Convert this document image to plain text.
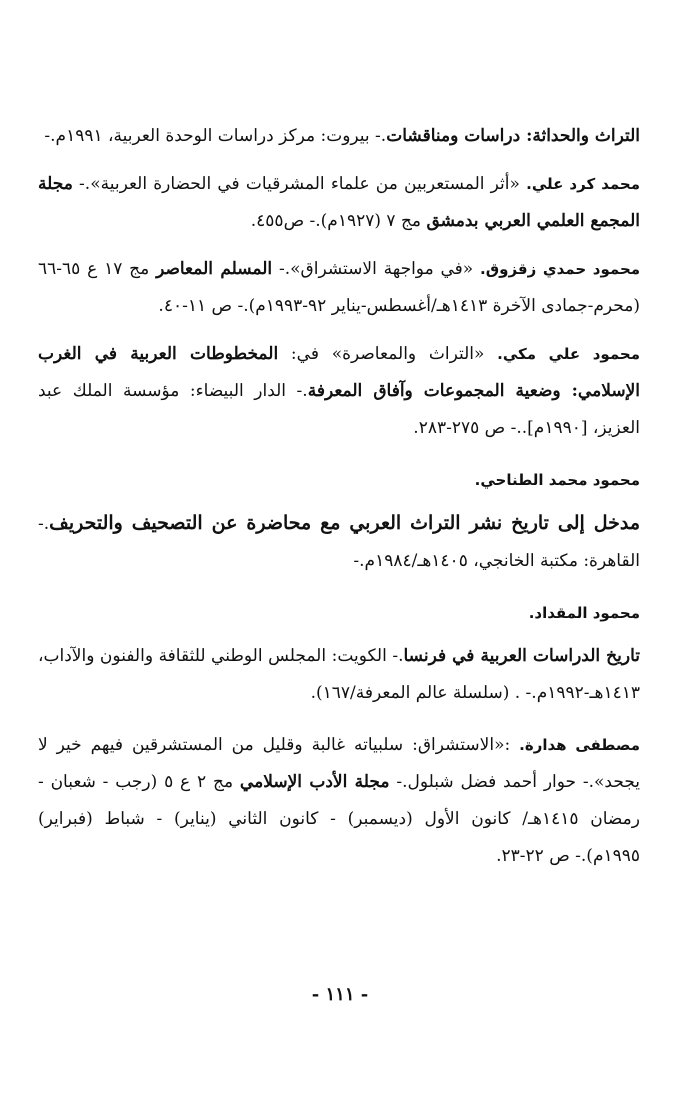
التراث والحداثة: دراسات ومناقشات.- بيروت: مركز دراسات الوحدة العربية، ١٩٩١م.-

محمد كرد علي. «أثر المستعربين من علماء المشرقيات في الحضارة العربية».- مجلة المجمع العلمي العربي بدمشق مج ٧ (١٩٢٧م).- ص٤٥٥.

محمود حمدي زقزوق. «في مواجهة الاستشراق».- المسلم المعاصر مج ١٧ ع ٦٥-٦٦ (محرم-جمادى الآخرة ١٤١٣هـ/أغسطس-يناير ٩٢-١٩٩٣م).- ص ١١-٤٠.

محمود علي مكي. «التراث والمعاصرة» في: المخطوطات العربية في الغرب الإسلامي: وضعية المجموعات وآفاق المعرفة.- الدار البيضاء: مؤسسة الملك عبد العزيز، [١٩٩٠م]..- ص ٢٧٥-٢٨٣.

محمود محمد الطناحي.

مدخل إلى تاريخ نشر التراث العربي مع محاضرة عن التصحيف والتحريف.- القاهرة: مكتبة الخانجي، ١٤٠٥هـ/١٩٨٤م.-

محمود المقداد.

تاريخ الدراسات العربية في فرنسا.- الكويت: المجلس الوطني للثقافة والفنون والآداب، ١٤١٣هـ-١٩٩٢م.- . (سلسلة عالم المعرفة/١٦٧).

مصطفى هدارة. :«الاستشراق: سلبياته غالبة وقليل من المستشرقين فيهم خير لا يجحد».- حوار أحمد فضل شبلول.- مجلة الأدب الإسلامي مج ٢ ع ٥ (رجب - شعبان - رمضان ١٤١٥هـ/ كانون الأول (ديسمبر) - كانون الثاني (يناير) - شباط (فبراير) ١٩٩٥م).- ص ٢٢-٢٣.

- ١١١ -
